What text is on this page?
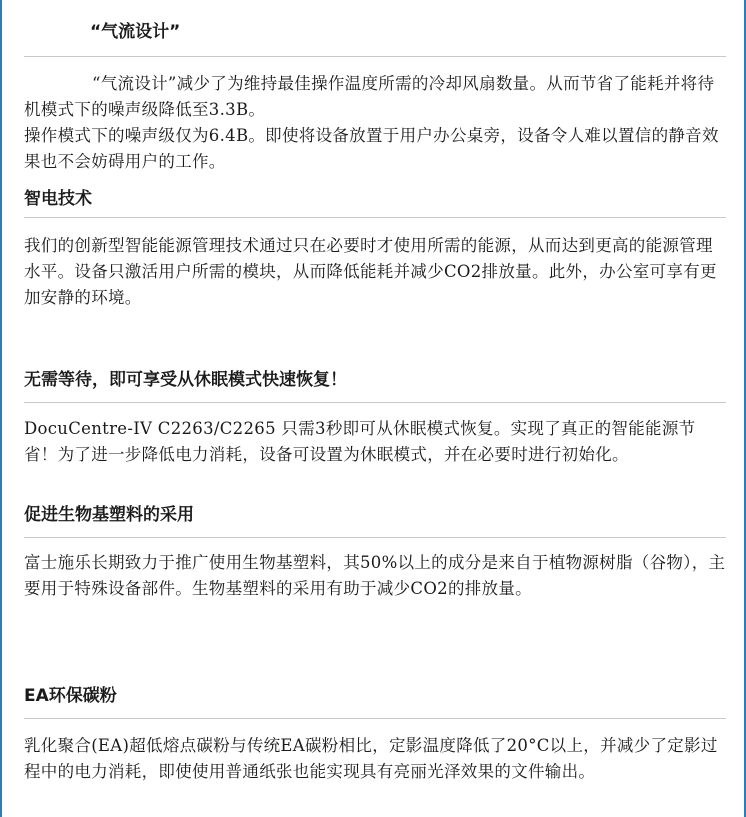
“气流设计”
“气流设计”减少了为维持最佳操作温度所需的冷却风扇数量。从而节省了能耗并将待机模式下的噪声级降低至3.3B。
操作模式下的噪声级仅为6.4B。即使将设备放置于用户办公桌旁，设备令人难以置信的静音效果也不会妨碍用户的工作。
智电技术
我们的创新型智能能源管理技术通过只在必要时才使用所需的能源，从而达到更高的能源管理水平。设备只激活用户所需的模块，从而降低能耗并减少CO2排放量。此外，办公室可享有更加安静的环境。
无需等待，即可享受从休眠模式快速恢复！
DocuCentre-IV C2263/C2265 只需3秒即可从休眠模式恢复。实现了真正的智能能源节省！为了进一步降低电力消耗，设备可设置为休眠模式，并在必要时进行初始化。
促进生物基塑料的采用
富士施乐长期致力于推广使用生物基塑料，其50%以上的成分是来自于植物源树脂（谷物），主要用于特殊设备部件。生物基塑料的采用有助于减少CO2的排放量。
EA环保碳粉
乳化聚合(EA)超低熔点碳粉与传统EA碳粉相比，定影温度降低了20°C以上，并减少了定影过程中的电力消耗，即使使用普通纸张也能实现具有亮丽光泽效果的文件输出。
